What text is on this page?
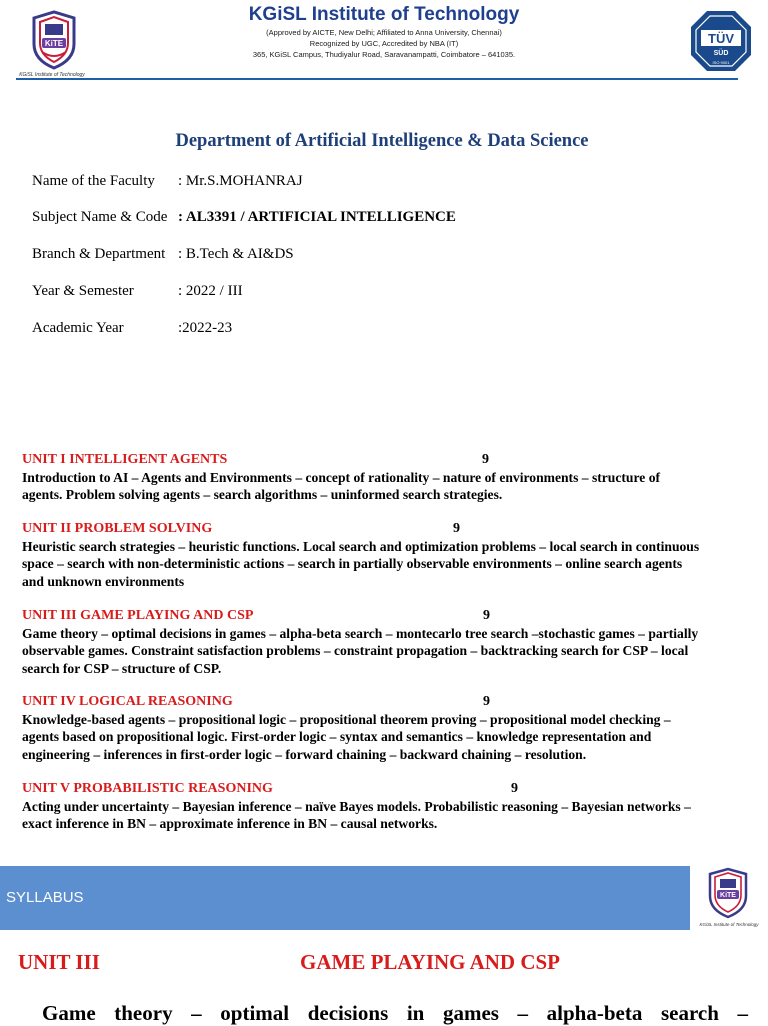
KiTE
KGiSL Institute of Technology
KGiSL Institute of Technology
(Approved by AICTE, New Delhi; Affiliated to Anna University, Chennai)
Recognized by UGC, Accredited by NBA (IT)
365, KGiSL Campus, Thudiyalur Road, Saravanampatti, Coimbatore – 641035.
TÜV
SÜD
ISO 9001
Department of Artificial Intelligence & Data Science
Name of the Faculty : Mr.S.MOHANRAJ
Subject Name & Code : AL3391 / ARTIFICIAL INTELLIGENCE
Branch & Department : B.Tech & AI&DS
Year & Semester	: 2022 / III
Academic Year	:2022-23
UNIT I INTELLIGENT AGENTS	9
Introduction to AI – Agents and Environments – concept of rationality – nature of environments – structure of
agents. Problem solving agents – search algorithms – uninformed search strategies.
UNIT II PROBLEM SOLVING	9
Heuristic search strategies – heuristic functions. Local search and optimization problems – local search in continuous
space – search with non-deterministic actions – search in partially observable environments – online search agents
and unknown environments
UNIT III GAME PLAYING AND CSP	9
Game theory – optimal decisions in games – alpha-beta search – montecarlo tree search –stochastic games – partially
observable games. Constraint satisfaction problems – constraint propagation – backtracking search for CSP – local
search for CSP – structure of CSP.
UNIT IV LOGICAL REASONING	9
Knowledge-based agents – propositional logic – propositional theorem proving – propositional model checking –
agents based on propositional logic. First-order logic – syntax and semantics – knowledge representation and
engineering – inferences in first-order logic – forward chaining – backward chaining – resolution.
UNIT V PROBABILISTIC REASONING	9
Acting under uncertainty – Bayesian inference – naïve Bayes models. Probabilistic reasoning – Bayesian networks –
exact inference in BN – approximate inference in BN – causal networks.
SYLLABUS	KiTE
KGiSL Institute of Technology
UNIT III	GAME PLAYING AND CSP
Game theory – optimal decisions in games – alpha-beta search –
